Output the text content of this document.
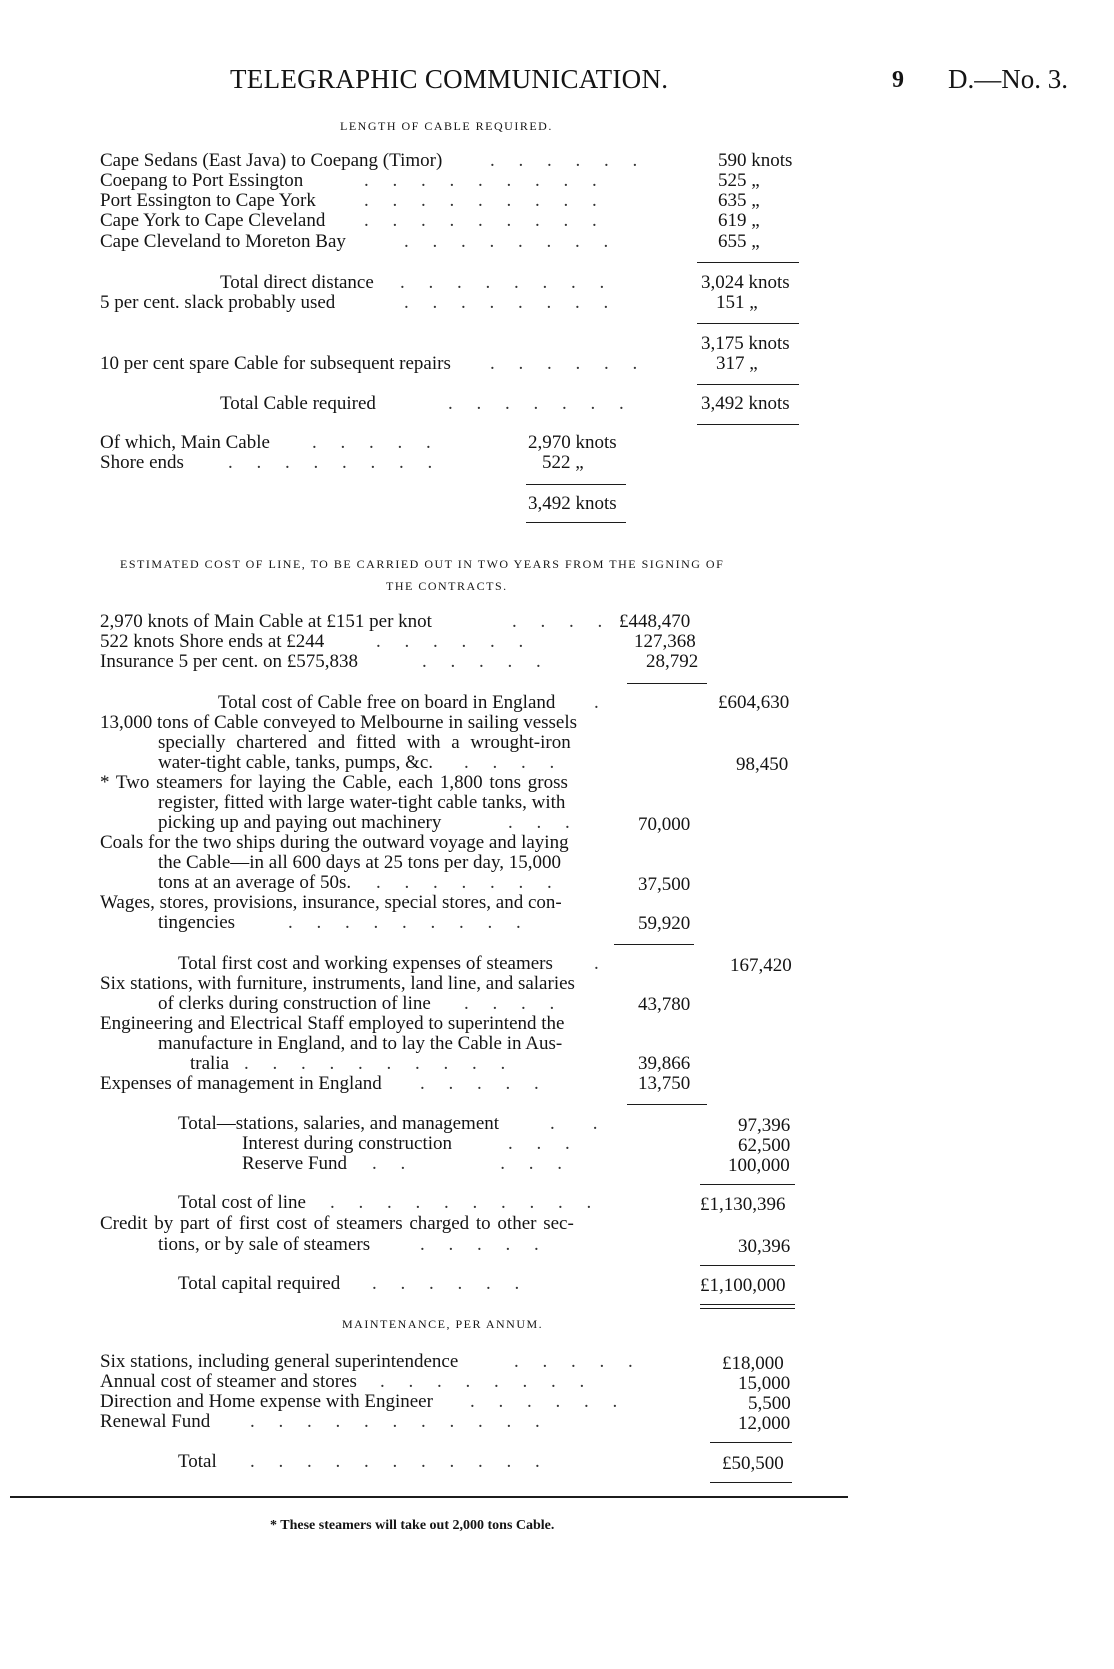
TELEGRAPHIC COMMUNICATION.	9 D.—No. 3.
LENGTH OF CABLE REQUIRED.
Cape Sedans (East Java) to Coepang (Timor)	.     .     .     .     .     .	590 knots
Coepang to Port Essington	.     .     .     .     .     .     .     .     .	525 „
Port Essington to Cape York	.     .     .     .     .     .     .     .     .	635 „
Cape York to Cape Cleveland .     .     .     .     .     .     .     .     .	619 „
Cape Cleveland to Moreton Bay	.     .     .     .     .     .     .     .	655 „
Total direct distance .     .     .     .     .     .     .     .	3,024 knots
5 per cent. slack probably used	.     .     .     .     .     .     .     .	151 „
3,175 knots
10 per cent spare Cable for subsequent repairs .     .     .     .     .     .	317 „
Total Cable required	.     .     .     .     .     .     .	3,492 knots
Of which, Main Cable .     .     .     .     .	2,970 knots
Shore ends .     .     .     .     .     .     .     .	522 „
3,492 knots
ESTIMATED COST OF LINE, TO BE CARRIED OUT IN TWO YEARS FROM THE SIGNING OF
THE CONTRACTS.
2,970 knots of Main Cable at £151 per knot	.     .     .     . £448,470
522 knots Shore ends at £244	.     .     .     .     .     .	127,368
Insurance 5 per cent. on £575,838	.     .     .     .     .	28,792
Total cost of Cable free on board in England .	£604,630
13,000 tons of Cable conveyed to Melbourne in sailing vessels
specially chartered and fitted with a wrought-iron
water-tight cable, tanks, pumps, &c. .     .     .     .	98,450
* Two steamers for laying the Cable, each 1,800 tons gross
register, fitted with large water-tight cable tanks, with
picking up and paying out machinery	.     .     .	70,000
Coals for the two ships during the outward voyage and laying
the Cable—in all 600 days at 25 tons per day, 15,000
tons at an average of 50s. .     .     .     .     .     .     .	37,500
Wages, stores, provisions, insurance, special stores, and con-
tingencies	.     .     .     .     .     .     .     .     .	59,920
Total first cost and working expenses of steamers .	167,420
Six stations, with furniture, instruments, land line, and salaries
of clerks during construction of line .     .     .     .	43,780
Engineering and Electrical Staff employed to superintend the
manufacture in England, and to lay the Cable in Aus-
tralia .     .     .     .     .     .     .     .     .     .	39,866
Expenses of management in England .     .     .     .     .	13,750
Total—stations, salaries, and management	.        .	97,396
Interest during construction	.     .     .	62,500
Reserve Fund .     .                    .     .     .	100,000
Total cost of line .     .     .     .     .     .     .     .     .     .	£1,130,396
Credit by part of first cost of steamers charged to other sec-
tions, or by sale of steamers	.     .     .     .     .	30,396
Total capital required .     .     .     .     .     .	£1,100,000
MAINTENANCE, PER ANNUM.
Six stations, including general superintendence	.     .     .     .     .	£18,000
Annual cost of steamer and stores .     .     .     .     .     .     .     .	15,000
Direction and Home expense with Engineer .     .     .     .     .     .	5,500
Renewal Fund .     .     .     .     .     .     .     .     .     .     .	12,000
Total .     .     .     .     .     .     .     .     .     .     .	£50,500
* These steamers will take out 2,000 tons Cable.
